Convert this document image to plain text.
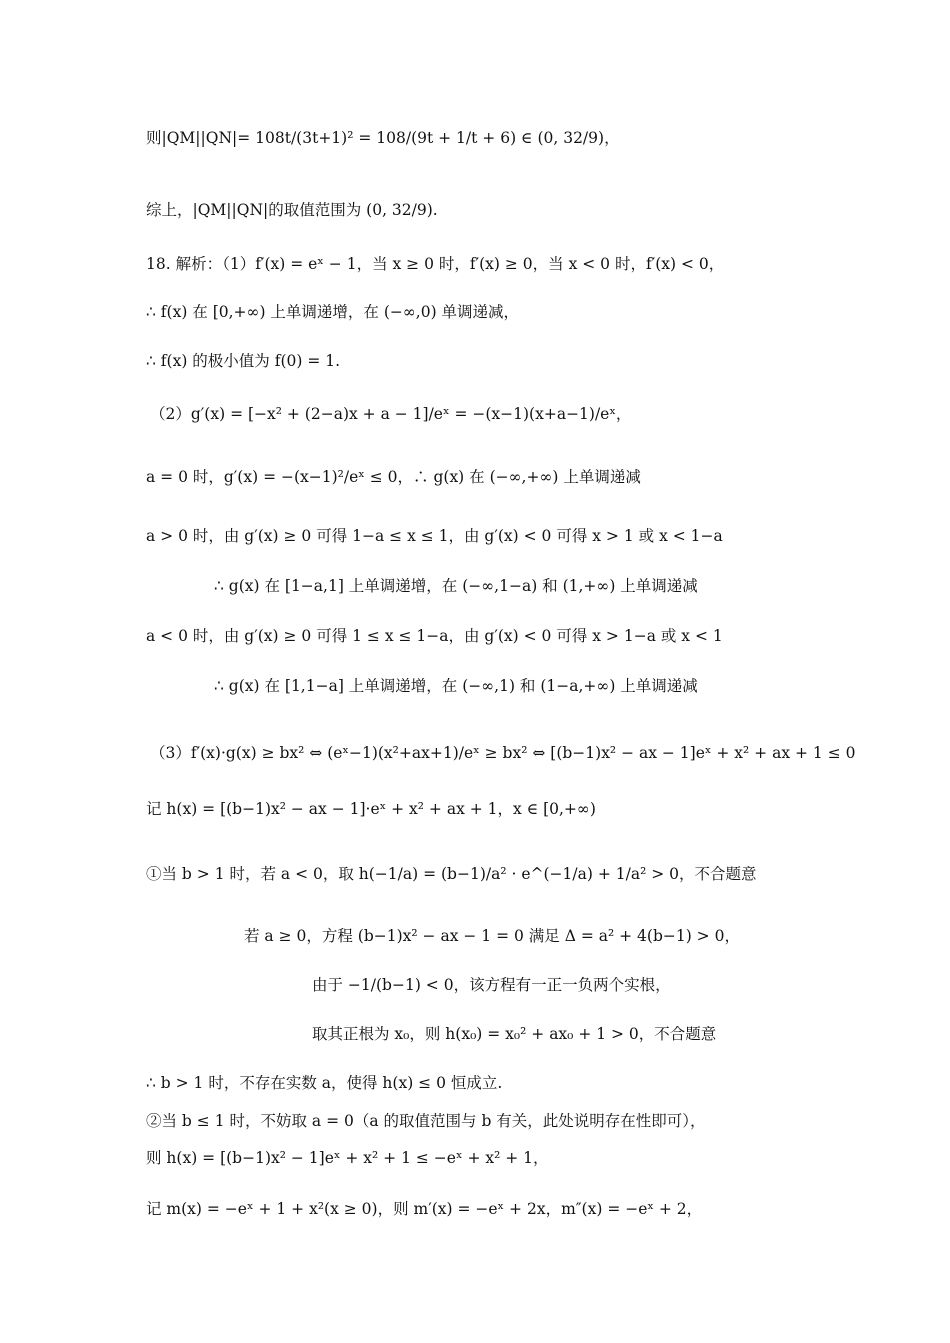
则|QM||QN|= 108t/(3t+1)² = 108/(9t + 1/t + 6) ∈ (0, 32/9)，
综上，|QM||QN|的取值范围为 (0, 32/9).
18. 解析：（1）f′(x) = eˣ − 1，当 x ≥ 0 时，f′(x) ≥ 0，当 x < 0 时，f′(x) < 0，
∴ f(x) 在 [0,+∞) 上单调递增，在 (−∞,0) 单调递减，
∴ f(x) 的极小值为 f(0) = 1.
（2）g′(x) = [−x² + (2−a)x + a − 1]/eˣ = −(x−1)(x+a−1)/eˣ，
a = 0 时，g′(x) = −(x−1)²/eˣ ≤ 0，∴ g(x) 在 (−∞,+∞) 上单调递减
a > 0 时，由 g′(x) ≥ 0 可得 1−a ≤ x ≤ 1，由 g′(x) < 0 可得 x > 1 或 x < 1−a
∴ g(x) 在 [1−a,1] 上单调递增，在 (−∞,1−a) 和 (1,+∞) 上单调递减
a < 0 时，由 g′(x) ≥ 0 可得 1 ≤ x ≤ 1−a，由 g′(x) < 0 可得 x > 1−a 或 x < 1
∴ g(x) 在 [1,1−a] 上单调递增，在 (−∞,1) 和 (1−a,+∞) 上单调递减
（3）f′(x)·g(x) ≥ bx² ⇔ (eˣ−1)(x²+ax+1)/eˣ ≥ bx² ⇔ [(b−1)x² − ax − 1]eˣ + x² + ax + 1 ≤ 0
记 h(x) = [(b−1)x² − ax − 1]·eˣ + x² + ax + 1，x ∈ [0,+∞)
①当 b > 1 时，若 a < 0，取 h(−1/a) = (b−1)/a² · e^(−1/a) + 1/a² > 0，不合题意
若 a ≥ 0，方程 (b−1)x² − ax − 1 = 0 满足 Δ = a² + 4(b−1) > 0，
由于 −1/(b−1) < 0，该方程有一正一负两个实根，
取其正根为 x₀，则 h(x₀) = x₀² + ax₀ + 1 > 0，不合题意
∴ b > 1 时，不存在实数 a，使得 h(x) ≤ 0 恒成立.
②当 b ≤ 1 时，不妨取 a = 0（a 的取值范围与 b 有关，此处说明存在性即可），
则 h(x) = [(b−1)x² − 1]eˣ + x² + 1 ≤ −eˣ + x² + 1，
记 m(x) = −eˣ + 1 + x²(x ≥ 0)，则 m′(x) = −eˣ + 2x，m″(x) = −eˣ + 2，
